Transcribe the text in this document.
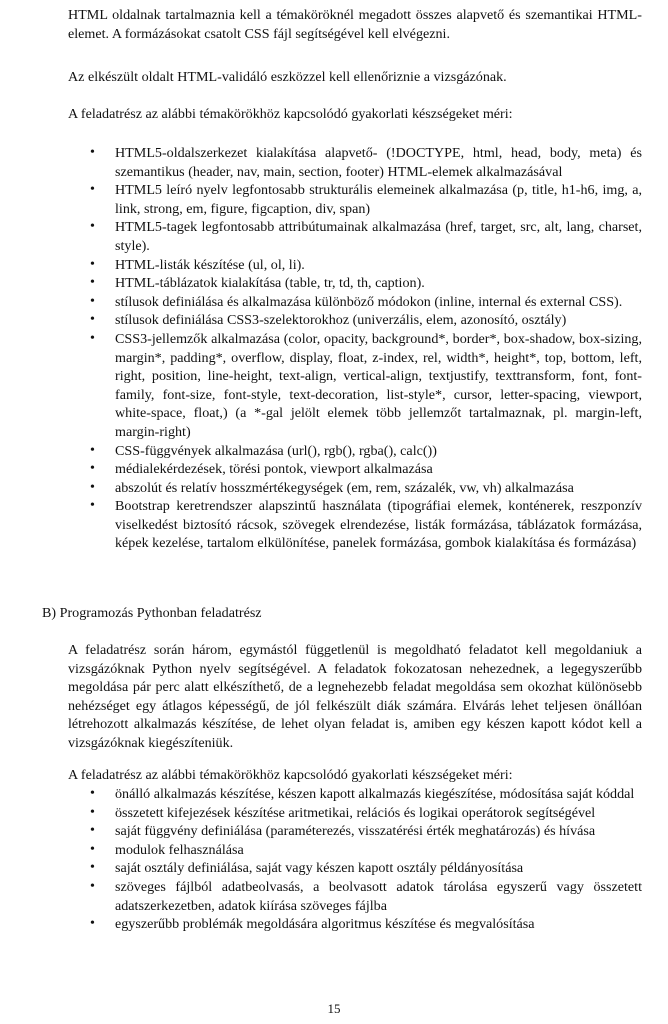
HTML oldalnak tartalmaznia kell a témaköröknél megadott összes alapvető és szemantikai HTML-elemet. A formázásokat csatolt CSS fájl segítségével kell elvégezni.

Az elkészült oldalt HTML-validáló eszközzel kell ellenőriznie a vizsgázónak.

A feladatrész az alábbi témakörökhöz kapcsolódó gyakorlati készségeket méri:

• HTML5-oldalszerkezet kialakítása alapvető- (!DOCTYPE, html, head, body, meta) és szemantikus (header, nav, main, section, footer) HTML-elemek alkalmazásával
• HTML5 leíró nyelv legfontosabb strukturális elemeinek alkalmazása (p, title, h1-h6, img, a, link, strong, em, figure, figcaption, div, span)
• HTML5-tagek legfontosabb attribútumainak alkalmazása (href, target, src, alt, lang, charset, style).
• HTML-listák készítése (ul, ol, li).
• HTML-táblázatok kialakítása (table, tr, td, th, caption).
• stílusok definiálása és alkalmazása különböző módokon (inline, internal és external CSS).
• stílusok definiálása CSS3-szelektorokhoz (univerzális, elem, azonosító, osztály)
• CSS3-jellemzők alkalmazása (color, opacity, background*, border*, box-shadow, box-sizing, margin*, padding*, overflow, display, float, z-index, rel, width*, height*, top, bottom, left, right, position, line-height, text-align, vertical-align, textjustify, texttransform, font, font-family, font-size, font-style, text-decoration, list-style*, cursor, letter-spacing, viewport, white-space, float,) (a *-gal jelölt elemek több jellemzőt tartalmaznak, pl. margin-left, margin-right)
• CSS-függvények alkalmazása (url(), rgb(), rgba(), calc())
• médialekérdezések, törési pontok, viewport alkalmazása
• abszolút és relatív hosszmértékegységek (em, rem, százalék, vw, vh) alkalmazása
• Bootstrap keretrendszer alapszintű használata (tipográfiai elemek, konténerek, reszponzív viselkedést biztosító rácsok, szövegek elrendezése, listák formázása, táblázatok formázása, képek kezelése, tartalom elkülönítése, panelek formázása, gombok kialakítása és formázása)

B) Programozás Pythonban feladatrész

A feladatrész során három, egymástól függetlenül is megoldható feladatot kell megoldaniuk a vizsgázóknak Python nyelv segítségével. A feladatok fokozatosan nehezednek, a legegyszerűbb megoldása pár perc alatt elkészíthető, de a legnehezebb feladat megoldása sem okozhat különösebb nehézséget egy átlagos képességű, de jól felkészült diák számára. Elvárás lehet teljesen önállóan létrehozott alkalmazás készítése, de lehet olyan feladat is, amiben egy készen kapott kódot kell a vizsgázóknak kiegészíteniük.

A feladatrész az alábbi témakörökhöz kapcsolódó gyakorlati készségeket méri:

• önálló alkalmazás készítése, készen kapott alkalmazás kiegészítése, módosítása saját kóddal
• összetett kifejezések készítése aritmetikai, relációs és logikai operátorok segítségével
• saját függvény definiálása (paraméterezés, visszatérési érték meghatározás) és hívása
• modulok felhasználása
• saját osztály definiálása, saját vagy készen kapott osztály példányosítása
• szöveges fájlból adatbeolvasás, a beolvasott adatok tárolása egyszerű vagy összetett adatszerkezetben, adatok kiírása szöveges fájlba
• egyszerűbb problémák megoldására algoritmus készítése és megvalósítása
15
